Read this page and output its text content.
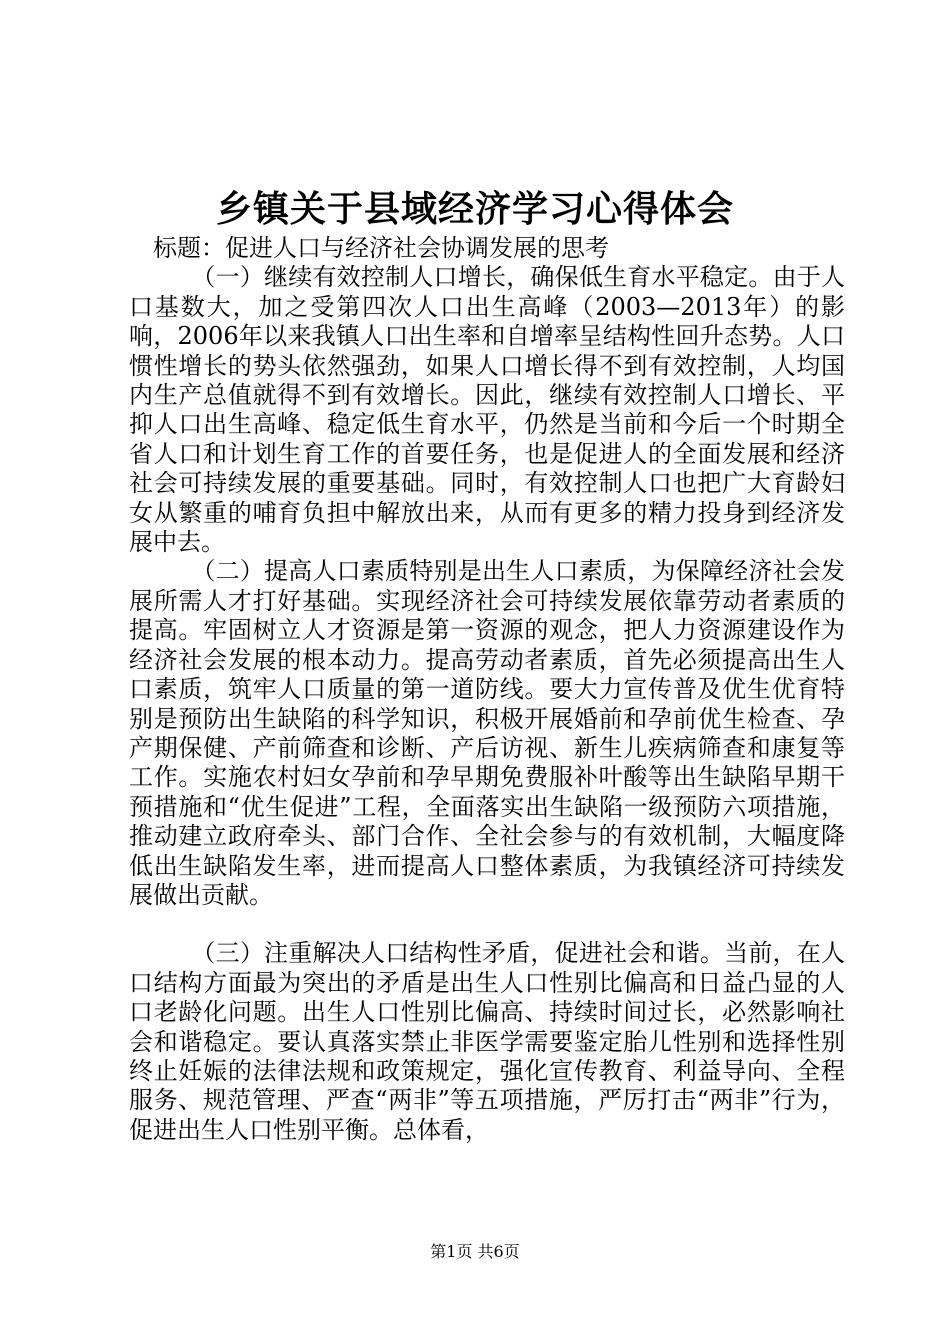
乡镇关于县域经济学习心得体会

标题：促进人口与经济社会协调发展的思考

（一）继续有效控制人口增长，确保低生育水平稳定。由于人口基数大，加之受第四次人口出生高峰（2003—2013年）的影响，2006年以来我镇人口出生率和自增率呈结构性回升态势。人口惯性增长的势头依然强劲，如果人口增长得不到有效控制，人均国内生产总值就得不到有效增长。因此，继续有效控制人口增长、平抑人口出生高峰、稳定低生育水平，仍然是当前和今后一个时期全省人口和计划生育工作的首要任务，也是促进人的全面发展和经济社会可持续发展的重要基础。同时，有效控制人口也把广大育龄妇女从繁重的哺育负担中解放出来，从而有更多的精力投身到经济发展中去。

（二）提高人口素质特别是出生人口素质，为保障经济社会发展所需人才打好基础。实现经济社会可持续发展依靠劳动者素质的提高。牢固树立人才资源是第一资源的观念，把人力资源建设作为经济社会发展的根本动力。提高劳动者素质，首先必须提高出生人口素质，筑牢人口质量的第一道防线。要大力宣传普及优生优育特别是预防出生缺陷的科学知识，积极开展婚前和孕前优生检查、孕产期保健、产前筛查和诊断、产后访视、新生儿疾病筛查和康复等工作。实施农村妇女孕前和孕早期免费服补叶酸等出生缺陷早期干预措施和“优生促进”工程，全面落实出生缺陷一级预防六项措施，推动建立政府牵头、部门合作、全社会参与的有效机制，大幅度降低出生缺陷发生率，进而提高人口整体素质，为我镇经济可持续发展做出贡献。

（三）注重解决人口结构性矛盾，促进社会和谐。当前，在人口结构方面最为突出的矛盾是出生人口性别比偏高和日益凸显的人口老龄化问题。出生人口性别比偏高、持续时间过长，必然影响社会和谐稳定。要认真落实禁止非医学需要鉴定胎儿性别和选择性别终止妊娠的法律法规和政策规定，强化宣传教育、利益导向、全程服务、规范管理、严查“两非”等五项措施，严厉打击“两非”行为，促进出生人口性别平衡。总体看，

第1页 共6页
